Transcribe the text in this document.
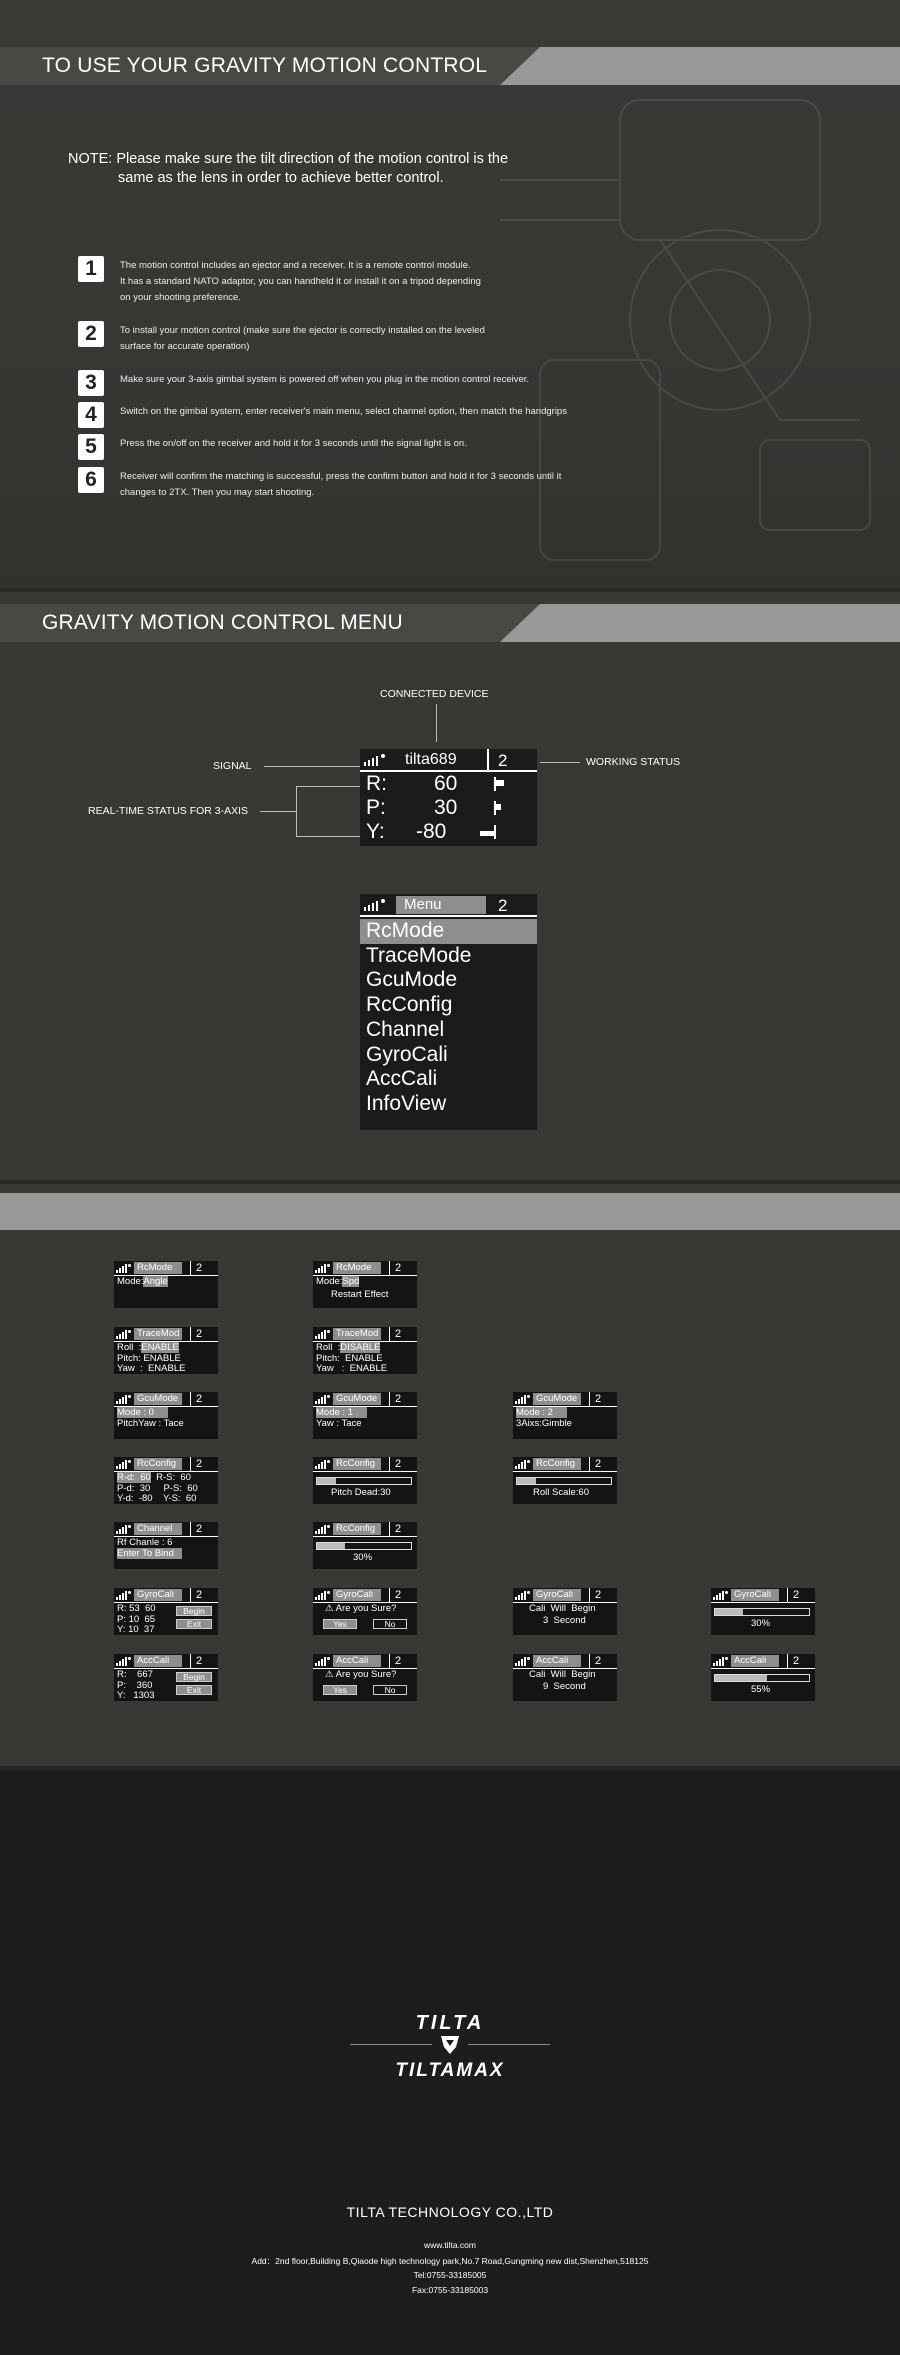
TO USE YOUR GRAVITY MOTION CONTROL
NOTE: Please make sure the tilt direction of the motion control is the
same as the lens in order to achieve better control.
1	The motion control includes an ejector and a receiver. It is a remote control module.
It has a standard NATO adaptor, you can handheld it or install it on a tripod depending
on your shooting preference.
2	To install your motion control (make sure the ejector is correctly installed on the leveled
surface for accurate operation)
3	Make sure your 3-axis gimbal system is powered off when you plug in the motion control receiver.
4	Switch on the gimbal system, enter receiver's main menu, select channel option, then match the handgrips
5	Press the on/off on the receiver and hold it for 3 seconds until the signal light is on.
6	Receiver will confirm the matching is successful, press the confirm button and hold it for 3 seconds until it
changes to 2TX. Then you may start shooting.
GRAVITY MOTION CONTROL MENU
CONNECTED DEVICE
SIGNAL	WORKING STATUS
REAL-TIME STATUS FOR 3-AXIS
tilta689 2
R: 60
P: 30
Y: -80
Menu	2
RcMode
TraceMode
GcuMode
RcConfig
Channel
GyroCali
AccCali
InfoView
RcMode	2
Mode:Angle
RcMode	2
Mode:Spd
Restart Effect
TraceMod 2
Roll  :ENABLE
Pitch: ENABLE
Yaw  :  ENABLE
TraceMod 2
Roll  :DISABLE
Pitch:  ENABLE
Yaw   :  ENABLE
GcuMode	2
Mode : 0
PitchYaw : Tace
GcuMode	2
Mode : 1
Yaw : Tace
GcuMode	2
Mode : 2
3Aixs:Gimble
RcConfig	2
R-d:  60 R-S:  60
P-d:  30     P-S:  60
Y-d:  -80    Y-S:  60
RcConfig	2
Pitch Dead:30
RcConfig	2
Roll Scale:60
Channel	2
Rf Chanle : 6
Enter To Bind
RcConfig	2
30%
GyroCali	2
R: 53  60
P: 10  65
Y: 10  37
Begin
Exit
GyroCali	2
⚠ Are you Sure?
Yes	No
GyroCali	2
Cali  Will  Begin
3  Second
GyroCali	2
30%
AccCali	2
R:    667
P:    360
Y:   1303
Begin
Exit
AccCali	2
⚠ Are you Sure?
Yes	No
AccCali	2
Cali  Will  Begin
9  Second
AccCali	2
55%
TILTA
TILTAMAX
TILTA TECHNOLOGY CO.,LTD
www.tilta.com
Add：2nd floor,Building B,Qiaode high technology park,No.7 Road,Gungming new dist,Shenzhen,518125
Tel:0755-33185005
Fax:0755-33185003
